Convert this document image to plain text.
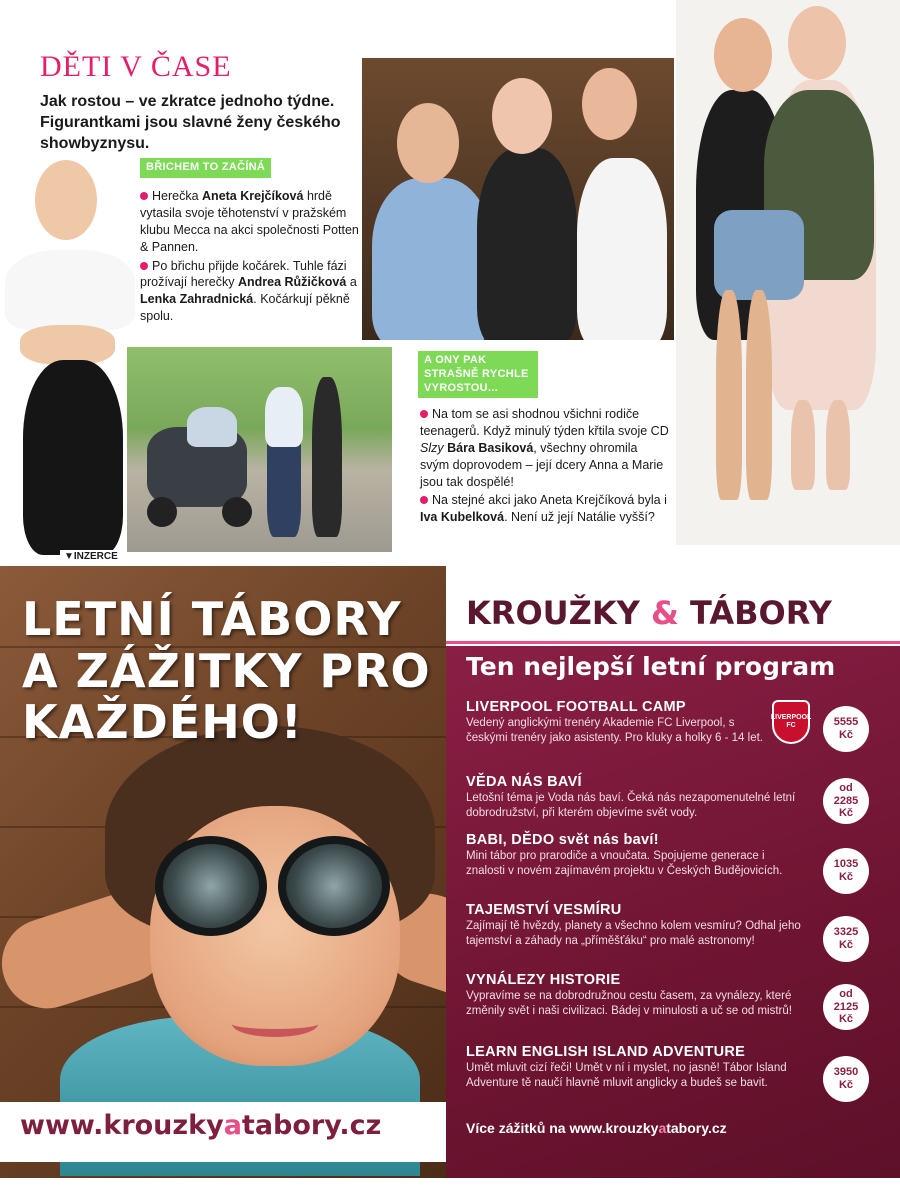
DĚTI V ČASE
Jak rostou – ve zkratce jednoho týdne. Figurantkami jsou slavné ženy českého showbyznysu.
BŘICHEM TO ZAČÍNÁ

Herečka Aneta Krejčíková hrdě vytasila svoje těhotenství v pražském klubu Mecca na akci společnosti Potten & Pannen.

Po břichu přijde kočárek. Tuhle fázi prožívají herečky Andrea Růžičková a Lenka Zahradnická. Kočárkují pěkně spolu.

A ONY PAK STRAŠNĚ RYCHLE VYROSTOU...

Na tom se asi shodnou všichni rodiče teenagerů. Když minulý týden křtila svoje CD Slzy Bára Basiková, všechny ohromila svým doprovodem – její dcery Anna a Marie jsou tak dospělé!

Na stejné akci jako Aneta Krejčíková byla i Iva Kubelková. Není už její Natálie vyšší?

▼INZERCE
LETNÍ TÁBORY
A ZÁŽITKY PRO
KAŽDÉHO!
www.krouzkyatabory.cz
KROUŽKY & TÁBORY
Ten nejlepší letní program
LIVERPOOL FC
LIVERPOOL FOOTBALL CAMP

Vedený anglickými trenéry Akademie FC Liverpool, s českými trenéry jako asistenty. Pro kluky a holky 6 - 14 let.

5555
Kč
VĚDA NÁS BAVÍ

Letošní téma je Voda nás baví. Čeká nás nezapomenutelné letní dobrodružství, při kterém objevíme svět vody.

od
2285
Kč
BABI, DĚDO svět nás baví!

Mini tábor pro prarodiče a vnoučata. Spojujeme generace i znalosti v novém zajímavém projektu v Českých Budějovicích.

1035
Kč
TAJEMSTVÍ VESMÍRU

Zajímají tě hvězdy, planety a všechno kolem vesmíru? Odhal jeho tajemství a záhady na „příměšťáku“ pro malé astronomy!

3325
Kč
VYNÁLEZY HISTORIE

Vypravíme se na dobrodružnou cestu časem, za vynálezy, které změnily svět i naši civilizaci. Bádej v minulosti a uč se od mistrů!

od
2125
Kč
LEARN ENGLISH ISLAND ADVENTURE

Umět mluvit cizí řeči! Umět v ní i myslet, no jasně! Tábor Island Adventure tě naučí hlavně mluvit anglicky a budeš se bavit.

3950
Kč
Více zážitků na www.krouzkyatabory.cz
